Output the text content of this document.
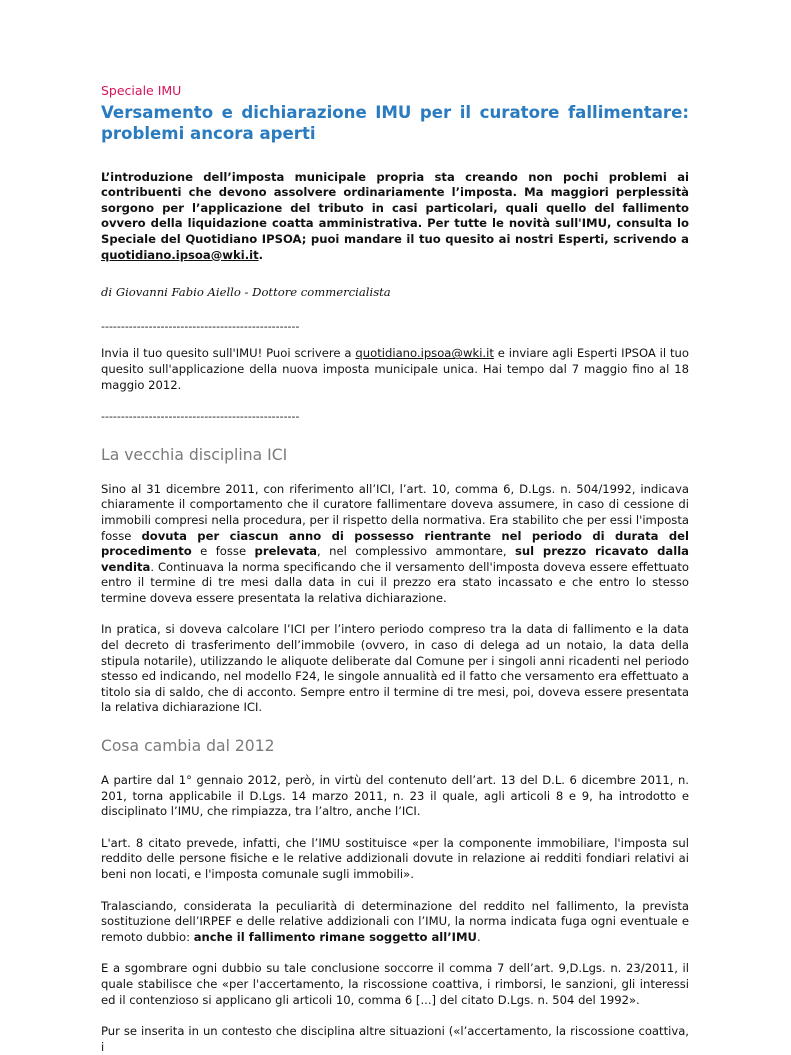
Speciale IMU
Versamento e dichiarazione IMU per il curatore fallimentare: problemi ancora aperti

L’introduzione dell’imposta municipale propria sta creando non pochi problemi ai contribuenti che devono assolvere ordinariamente l’imposta. Ma maggiori perplessità sorgono per l’applicazione del tributo in casi particolari, quali quello del fallimento ovvero della liquidazione coatta amministrativa. Per tutte le novità sull'IMU, consulta lo Speciale del Quotidiano IPSOA; puoi mandare il tuo quesito ai nostri Esperti, scrivendo a quotidiano.ipsoa@wki.it.

di Giovanni Fabio Aiello - Dottore commercialista

--------------------------------------------------

Invia il tuo quesito sull'IMU! Puoi scrivere a quotidiano.ipsoa@wki.it e inviare agli Esperti IPSOA il tuo quesito sull'applicazione della nuova imposta municipale unica. Hai tempo dal 7 maggio fino al 18 maggio 2012.

--------------------------------------------------

La vecchia disciplina ICI

Sino al 31 dicembre 2011, con riferimento all’ICI, l’art. 10, comma 6, D.Lgs. n. 504/1992, indicava chiaramente il comportamento che il curatore fallimentare doveva assumere, in caso di cessione di immobili compresi nella procedura, per il rispetto della normativa. Era stabilito che per essi l'imposta fosse dovuta per ciascun anno di possesso rientrante nel periodo di durata del procedimento e fosse prelevata, nel complessivo ammontare, sul prezzo ricavato dalla vendita. Continuava la norma specificando che il versamento dell'imposta doveva essere effettuato entro il termine di tre mesi dalla data in cui il prezzo era stato incassato e che entro lo stesso termine doveva essere presentata la relativa dichiarazione.

In pratica, si doveva calcolare l’ICI per l’intero periodo compreso tra la data di fallimento e la data del decreto di trasferimento dell’immobile (ovvero, in caso di delega ad un notaio, la data della stipula notarile), utilizzando le aliquote deliberate dal Comune per i singoli anni ricadenti nel periodo stesso ed indicando, nel modello F24, le singole annualità ed il fatto che versamento era effettuato a titolo sia di saldo, che di acconto. Sempre entro il termine di tre mesi, poi, doveva essere presentata la relativa dichiarazione ICI.

Cosa cambia dal 2012

A partire dal 1° gennaio 2012, però, in virtù del contenuto dell’art. 13 del D.L. 6 dicembre 2011, n. 201, torna applicabile il D.Lgs. 14 marzo 2011, n. 23 il quale, agli articoli 8 e 9, ha introdotto e disciplinato l’IMU, che rimpiazza, tra l’altro, anche l’ICI.

L'art. 8 citato prevede, infatti, che l’IMU sostituisce «per la componente immobiliare, l'imposta sul reddito delle persone fisiche e le relative addizionali dovute in relazione ai redditi fondiari relativi ai beni non locati, e l'imposta comunale sugli immobili».

Tralasciando, considerata la peculiarità di determinazione del reddito nel fallimento, la prevista sostituzione dell’IRPEF e delle relative addizionali con l’IMU, la norma indicata fuga ogni eventuale e remoto dubbio: anche il fallimento rimane soggetto all’IMU.

E a sgombrare ogni dubbio su tale conclusione soccorre il comma 7 dell’art. 9,D.Lgs. n. 23/2011, il quale stabilisce che «per l'accertamento, la riscossione coattiva, i rimborsi, le sanzioni, gli interessi ed il contenzioso si applicano gli articoli 10, comma 6 [...] del citato D.Lgs. n. 504 del 1992».

Pur se inserita in un contesto che disciplina altre situazioni («l’accertamento, la riscossione coattiva, i
